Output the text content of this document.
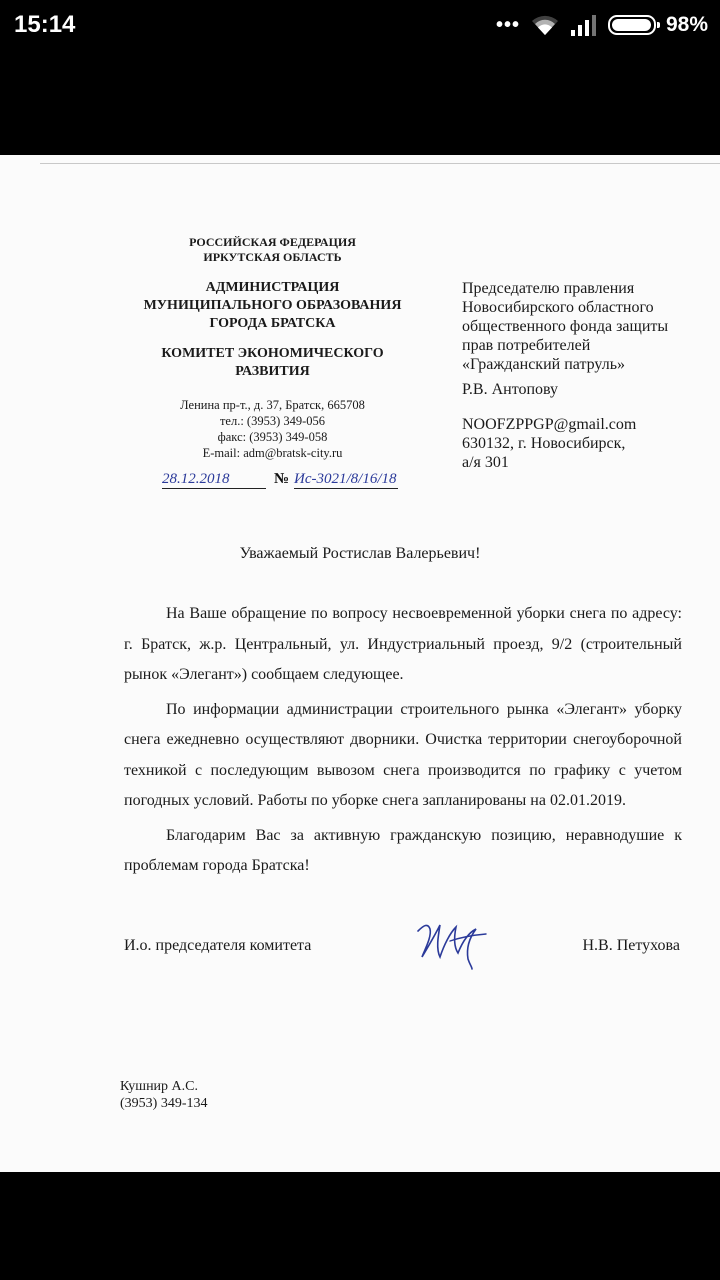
15:14	•••	98%
РОССИЙСКАЯ ФЕДЕРАЦИЯ
ИРКУТСКАЯ ОБЛАСТЬ
АДМИНИСТРАЦИЯ
МУНИЦИПАЛЬНОГО ОБРАЗОВАНИЯ
ГОРОДА БРАТСКА
КОМИТЕТ ЭКОНОМИЧЕСКОГО
РАЗВИТИЯ
Ленина пр-т., д. 37, Братск, 665708
тел.: (3953) 349-056
факс: (3953) 349-058
E-mail: adm@bratsk-city.ru
28.12.2018	№ Ис-3021/8/16/18
Председателю правления
Новосибирского областного
общественного фонда защиты
прав потребителей
«Гражданский патруль»
Р.В. Антопову
NOOFZPPGP@gmail.com
630132, г. Новосибирск,
а/я 301
Уважаемый Ростислав Валерьевич!

На Ваше обращение по вопросу несвоевременной уборки снега по адресу: г. Братск, ж.р. Центральный, ул. Индустриальный проезд, 9/2 (строительный рынок «Элегант») сообщаем следующее.

По информации администрации строительного рынка «Элегант» уборку снега ежедневно осуществляют дворники. Очистка территории снегоуборочной техникой с последующим вывозом снега производится по графику с учетом погодных условий. Работы по уборке снега запланированы на 02.01.2019.

Благодарим Вас за активную гражданскую позицию, неравнодушие к проблемам города Братска!

И.о. председателя комитета	Н.В. Петухова
Кушнир А.С.
(3953) 349-134
